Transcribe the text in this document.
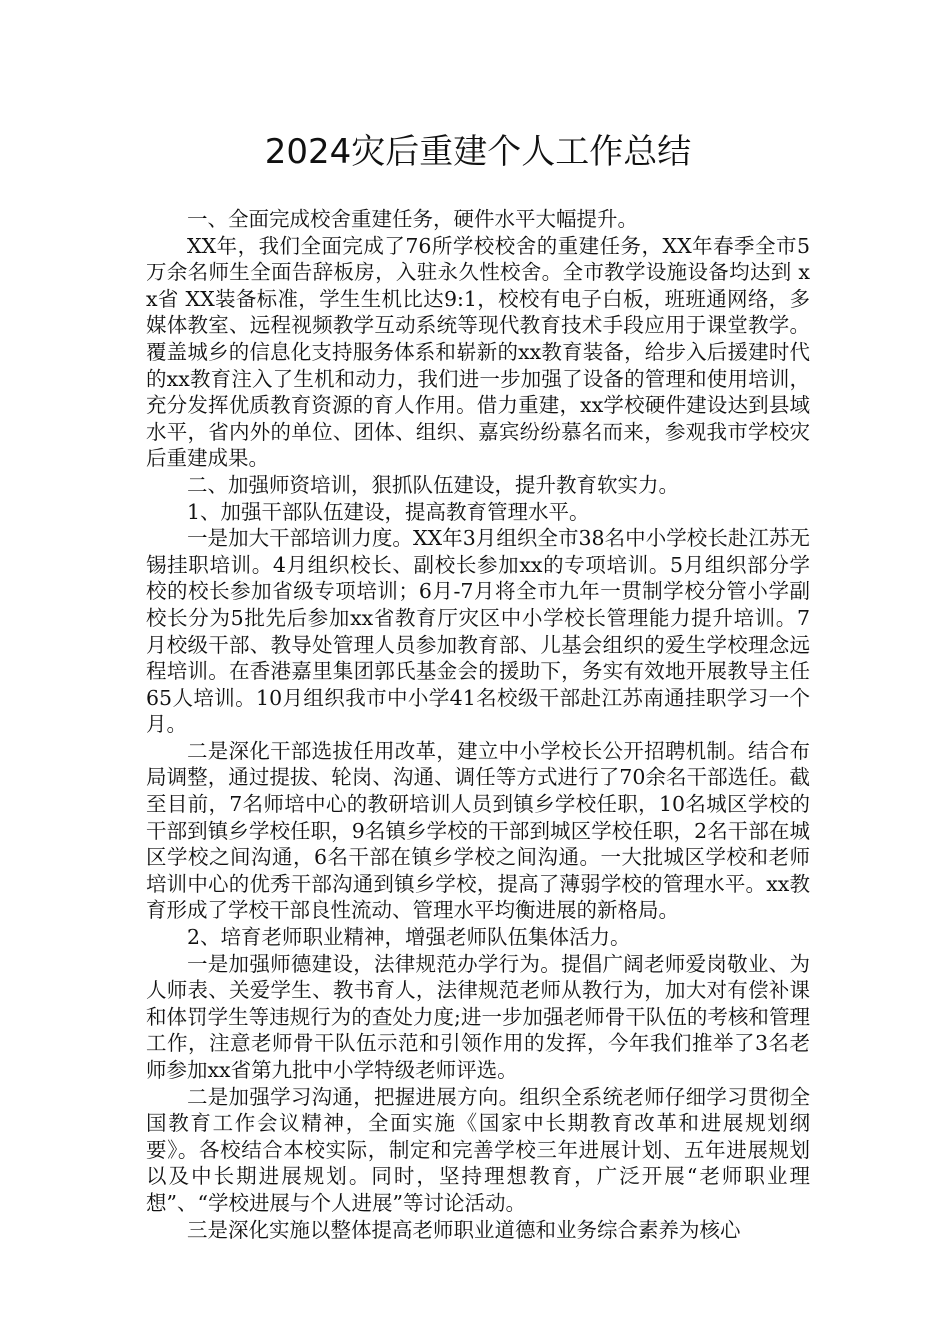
2024灾后重建个人工作总结

一、全面完成校舍重建任务，硬件水平大幅提升。

XX年，我们全面完成了76所学校校舍的重建任务，XX年春季全市5万余名师生全面告辞板房，入驻永久性校舍。全市教学设施设备均达到 xx省 XX装备标准，学生生机比达9:1，校校有电子白板，班班通网络，多媒体教室、远程视频教学互动系统等现代教育技术手段应用于课堂教学。覆盖城乡的信息化支持服务体系和崭新的xx教育装备，给步入后援建时代的xx教育注入了生机和动力，我们进一步加强了设备的管理和使用培训，充分发挥优质教育资源的育人作用。借力重建，xx学校硬件建设达到县域水平，省内外的单位、团体、组织、嘉宾纷纷慕名而来，参观我市学校灾后重建成果。

二、加强师资培训，狠抓队伍建设，提升教育软实力。

1、加强干部队伍建设，提高教育管理水平。

一是加大干部培训力度。XX年3月组织全市38名中小学校长赴江苏无锡挂职培训。4月组织校长、副校长参加xx的专项培训。5月组织部分学校的校长参加省级专项培训；6月-7月将全市九年一贯制学校分管小学副校长分为5批先后参加xx省教育厅灾区中小学校长管理能力提升培训。7月校级干部、教导处管理人员参加教育部、儿基会组织的爱生学校理念远程培训。在香港嘉里集团郭氏基金会的援助下，务实有效地开展教导主任65人培训。10月组织我市中小学41名校级干部赴江苏南通挂职学习一个月。

二是深化干部选拔任用改革，建立中小学校长公开招聘机制。结合布局调整，通过提拔、轮岗、沟通、调任等方式进行了70余名干部选任。截至目前，7名师培中心的教研培训人员到镇乡学校任职，10名城区学校的干部到镇乡学校任职，9名镇乡学校的干部到城区学校任职，2名干部在城区学校之间沟通，6名干部在镇乡学校之间沟通。一大批城区学校和老师培训中心的优秀干部沟通到镇乡学校，提高了薄弱学校的管理水平。xx教育形成了学校干部良性流动、管理水平均衡进展的新格局。

2、培育老师职业精神，增强老师队伍集体活力。

一是加强师德建设，法律规范办学行为。提倡广阔老师爱岗敬业、为人师表、关爱学生、教书育人，法律规范老师从教行为，加大对有偿补课和体罚学生等违规行为的查处力度;进一步加强老师骨干队伍的考核和管理工作，注意老师骨干队伍示范和引领作用的发挥，今年我们推举了3名老师参加xx省第九批中小学特级老师评选。

二是加强学习沟通，把握进展方向。组织全系统老师仔细学习贯彻全国教育工作会议精神，全面实施《国家中长期教育改革和进展规划纲要》。各校结合本校实际，制定和完善学校三年进展计划、五年进展规划以及中长期进展规划。同时，坚持理想教育，广泛开展“老师职业理想”、“学校进展与个人进展”等讨论活动。

三是深化实施以整体提高老师职业道德和业务综合素养为核心
